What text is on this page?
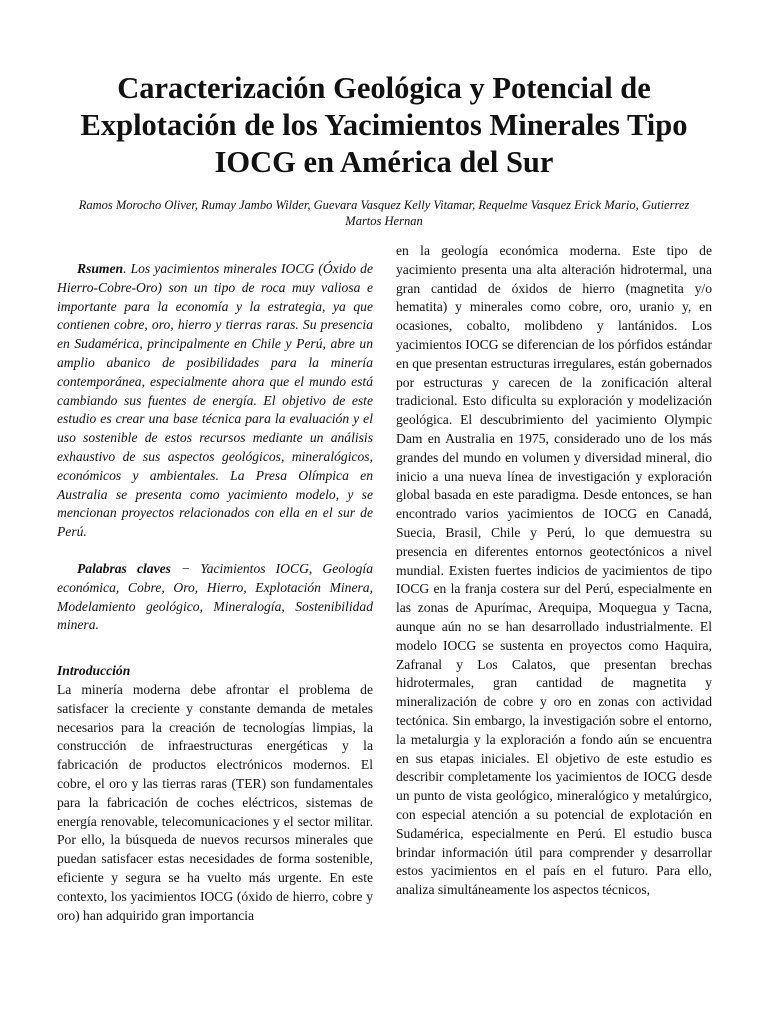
Caracterización Geológica y Potencial de Explotación de los Yacimientos Minerales Tipo IOCG en América del Sur

Ramos Morocho Oliver, Rumay Jambo Wilder, Guevara Vasquez Kelly Vitamar, Requelme Vasquez Erick Mario, Gutierrez Martos Hernan

Rsumen. Los yacimientos minerales IOCG (Óxido de Hierro-Cobre-Oro) son un tipo de roca muy valiosa e importante para la economía y la estrategia, ya que contienen cobre, oro, hierro y tierras raras. Su presencia en Sudamérica, principalmente en Chile y Perú, abre un amplio abanico de posibilidades para la minería contemporánea, especialmente ahora que el mundo está cambiando sus fuentes de energía. El objetivo de este estudio es crear una base técnica para la evaluación y el uso sostenible de estos recursos mediante un análisis exhaustivo de sus aspectos geológicos, mineralógicos, económicos y ambientales. La Presa Olímpica en Australia se presenta como yacimiento modelo, y se mencionan proyectos relacionados con ella en el sur de Perú.

Palabras claves − Yacimientos IOCG, Geología económica, Cobre, Oro, Hierro, Explotación Minera, Modelamiento geológico, Mineralogía, Sostenibilidad minera.

Introducción

La minería moderna debe afrontar el problema de satisfacer la creciente y constante demanda de metales necesarios para la creación de tecnologías limpias, la construcción de infraestructuras energéticas y la fabricación de productos electrónicos modernos. El cobre, el oro y las tierras raras (TER) son fundamentales para la fabricación de coches eléctricos, sistemas de energía renovable, telecomunicaciones y el sector militar. Por ello, la búsqueda de nuevos recursos minerales que puedan satisfacer estas necesidades de forma sostenible, eficiente y segura se ha vuelto más urgente. En este contexto, los yacimientos IOCG (óxido de hierro, cobre y oro) han adquirido gran importancia

en la geología económica moderna. Este tipo de yacimiento presenta una alta alteración hidrotermal, una gran cantidad de óxidos de hierro (magnetita y/o hematita) y minerales como cobre, oro, uranio y, en ocasiones, cobalto, molibdeno y lantánidos. Los yacimientos IOCG se diferencian de los pórfidos estándar en que presentan estructuras irregulares, están gobernados por estructuras y carecen de la zonificación alteral tradicional. Esto dificulta su exploración y modelización geológica. El descubrimiento del yacimiento Olympic Dam en Australia en 1975, considerado uno de los más grandes del mundo en volumen y diversidad mineral, dio inicio a una nueva línea de investigación y exploración global basada en este paradigma. Desde entonces, se han encontrado varios yacimientos de IOCG en Canadá, Suecia, Brasil, Chile y Perú, lo que demuestra su presencia en diferentes entornos geotectónicos a nivel mundial. Existen fuertes indicios de yacimientos de tipo IOCG en la franja costera sur del Perú, especialmente en las zonas de Apurímac, Arequipa, Moquegua y Tacna, aunque aún no se han desarrollado industrialmente. El modelo IOCG se sustenta en proyectos como Haquira, Zafranal y Los Calatos, que presentan brechas hidrotermales, gran cantidad de magnetita y mineralización de cobre y oro en zonas con actividad tectónica. Sin embargo, la investigación sobre el entorno, la metalurgia y la exploración a fondo aún se encuentra en sus etapas iniciales. El objetivo de este estudio es describir completamente los yacimientos de IOCG desde un punto de vista geológico, mineralógico y metalúrgico, con especial atención a su potencial de explotación en Sudamérica, especialmente en Perú. El estudio busca brindar información útil para comprender y desarrollar estos yacimientos en el país en el futuro. Para ello, analiza simultáneamente los aspectos técnicos,
